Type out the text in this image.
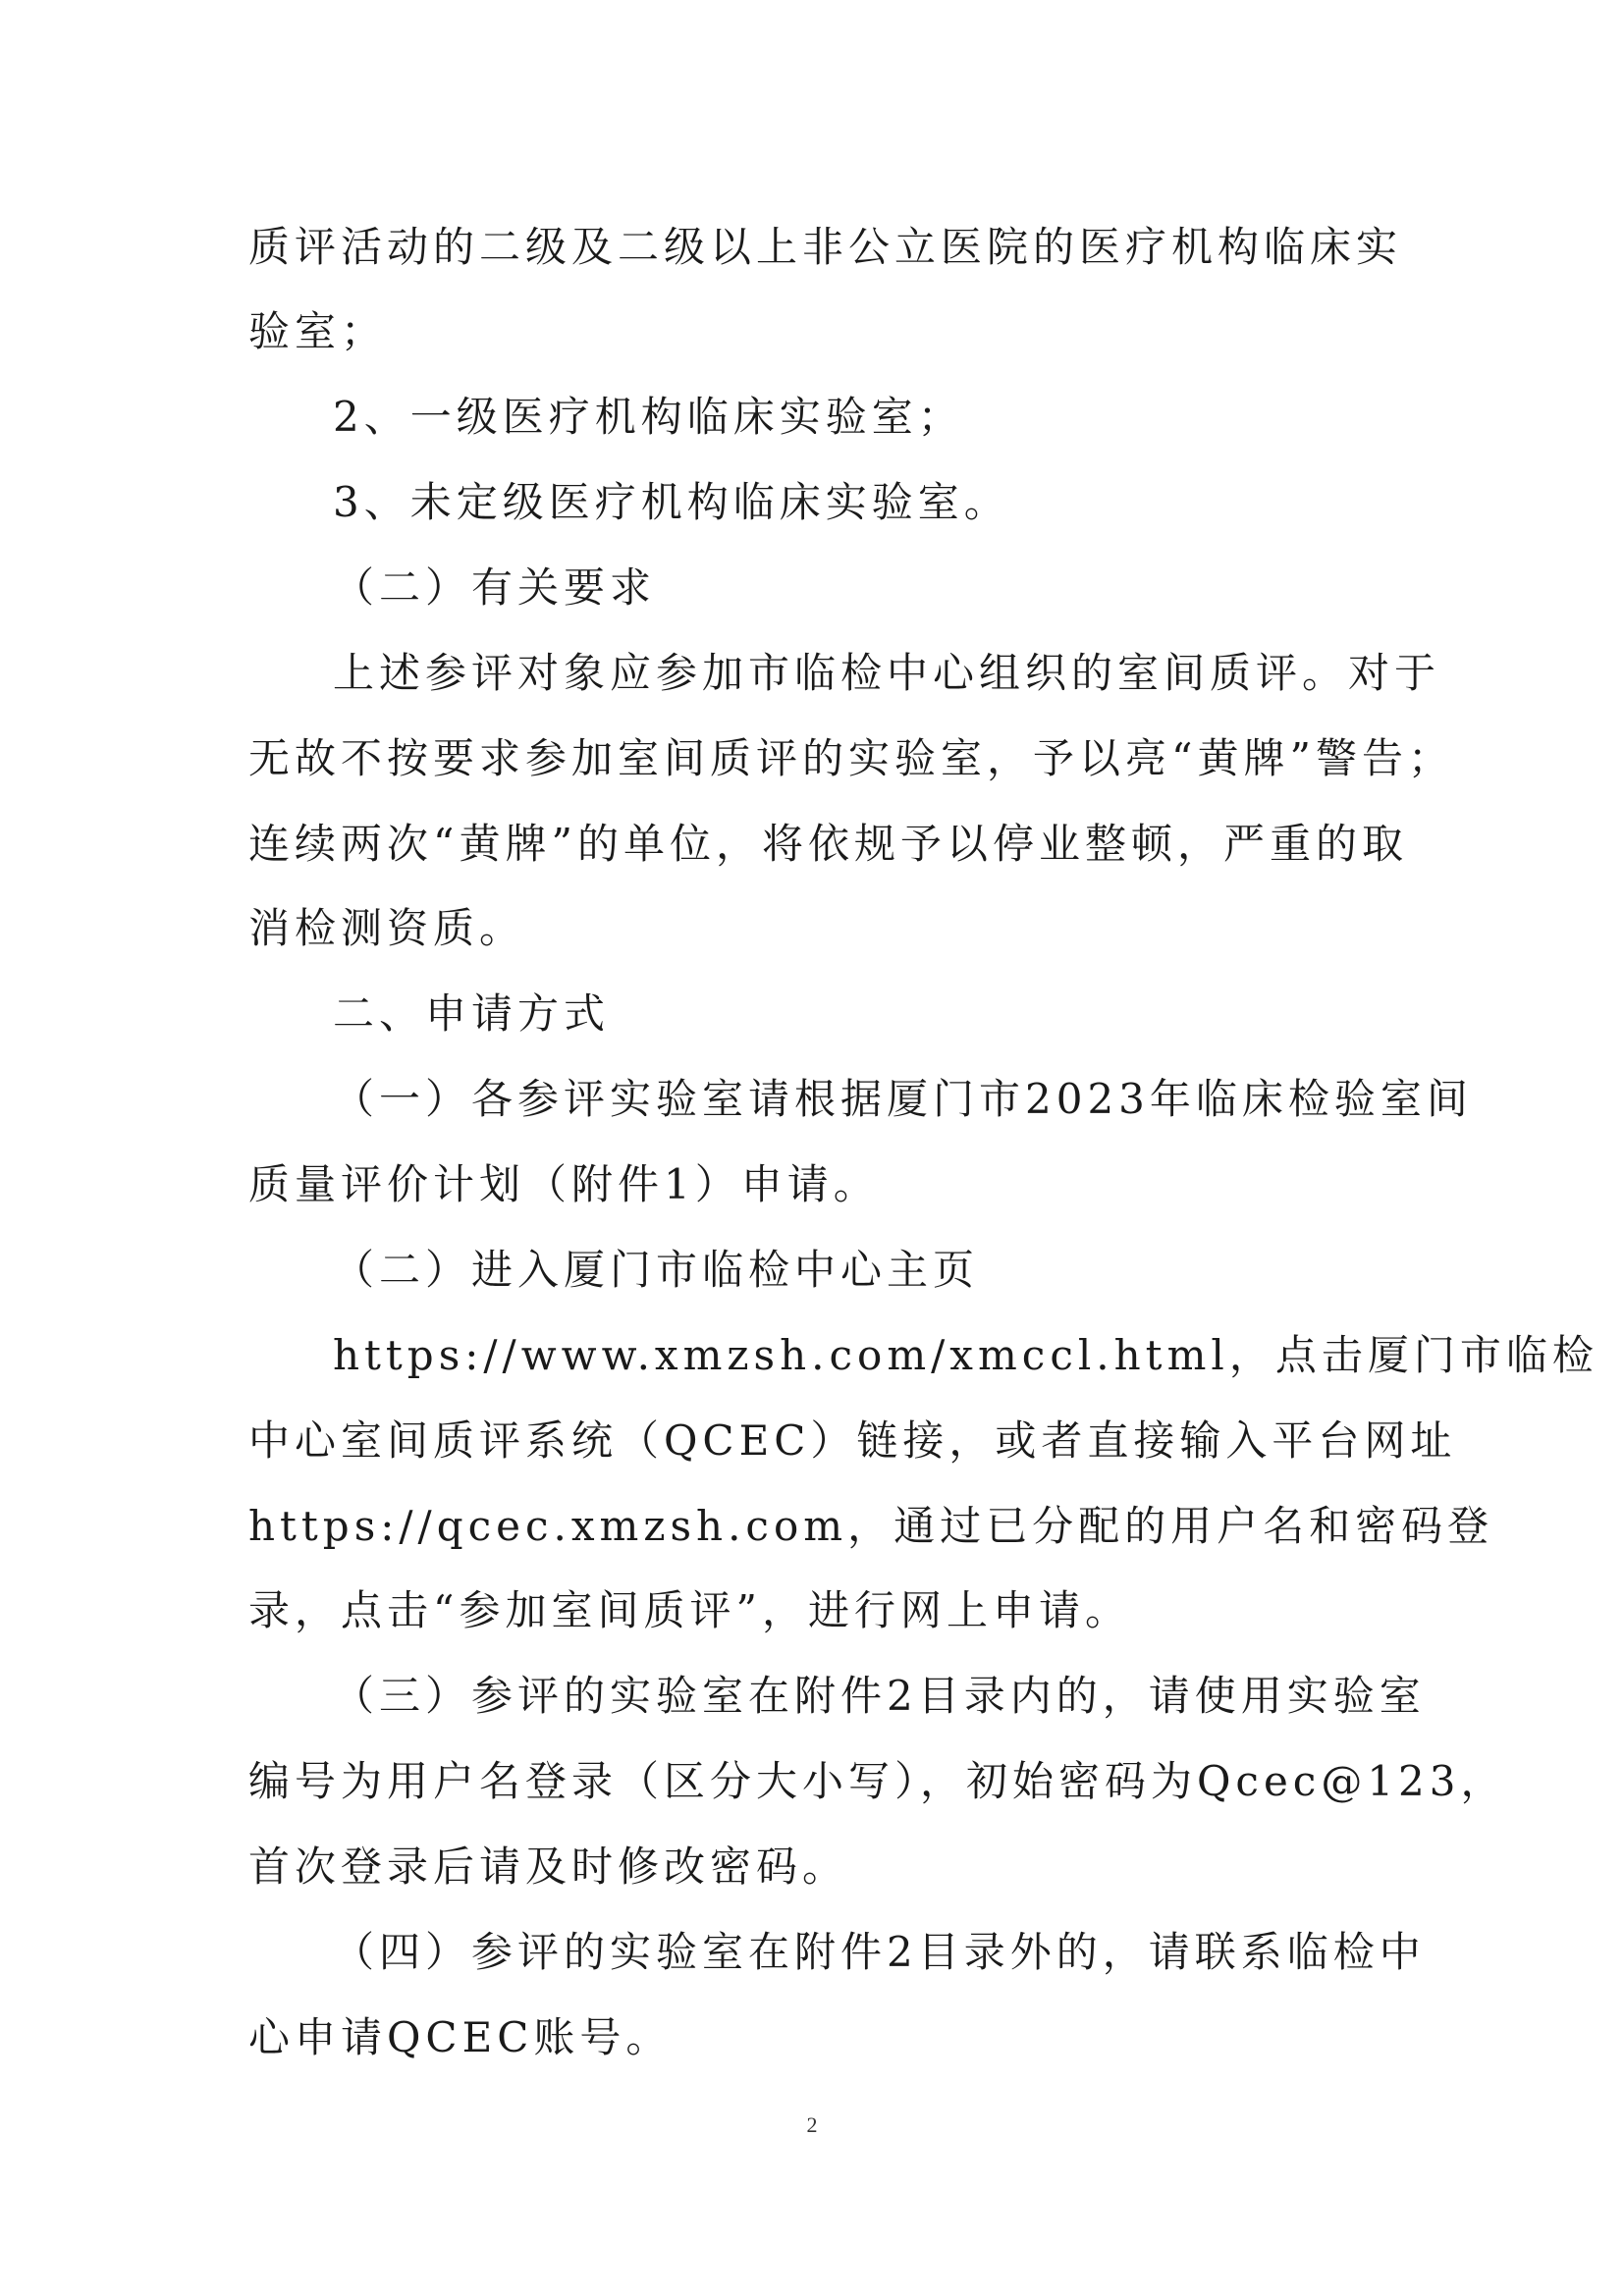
质评活动的二级及二级以上非公立医院的医疗机构临床实
验室；
2、一级医疗机构临床实验室；
3、未定级医疗机构临床实验室。
（二）有关要求
上述参评对象应参加市临检中心组织的室间质评。对于
无故不按要求参加室间质评的实验室，予以亮“黄牌”警告；
连续两次“黄牌”的单位，将依规予以停业整顿，严重的取
消检测资质。
二、申请方式
（一）各参评实验室请根据厦门市2023年临床检验室间
质量评价计划（附件1）申请。
（二）进入厦门市临检中心主页
https://www.xmzsh.com/xmccl.html，点击厦门市临检
中心室间质评系统（QCEC）链接，或者直接输入平台网址
https://qcec.xmzsh.com，通过已分配的用户名和密码登
录，点击“参加室间质评”，进行网上申请。
（三）参评的实验室在附件2目录内的，请使用实验室
编号为用户名登录（区分大小写），初始密码为Qcec@123，
首次登录后请及时修改密码。
（四）参评的实验室在附件2目录外的，请联系临检中
心申请QCEC账号。
2
